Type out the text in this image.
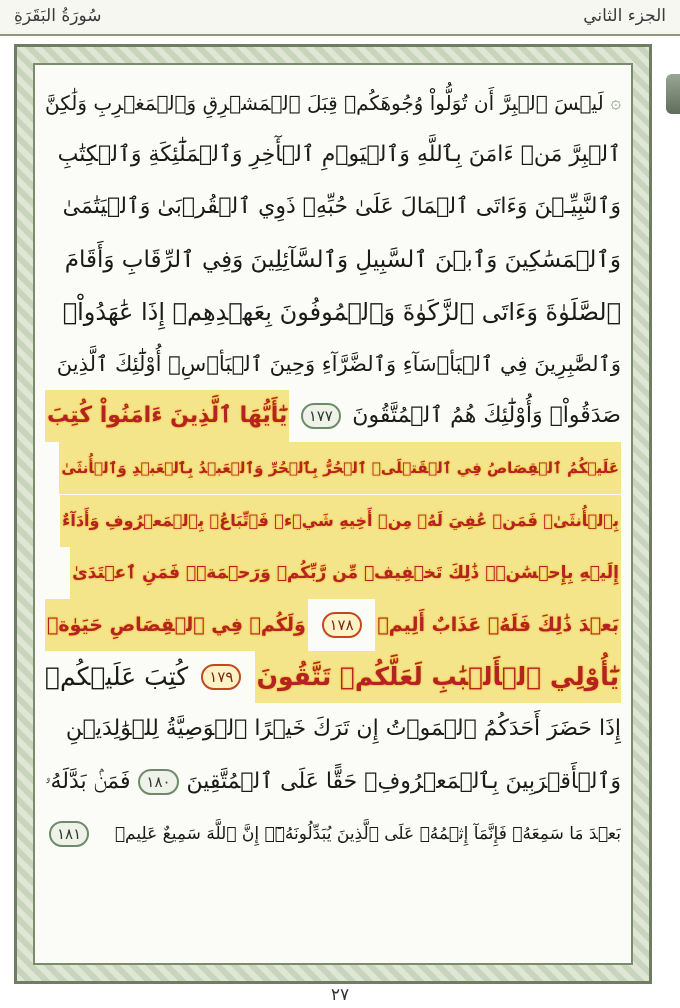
سُورَةُ البَقَرَةِ	الجزء الثاني
۞
لَيۡسَ ٱلۡبِرَّ أَن تُوَلُّواْ وُجُوهَكُمۡ قِبَلَ ٱلۡمَشۡرِقِ وَٱلۡمَغۡرِبِ وَلَٰكِنَّ
ٱلۡبِرَّ مَنۡ ءَامَنَ بِٱللَّهِ وَٱلۡيَوۡمِ ٱلۡأٓخِرِ وَٱلۡمَلَٰٓئِكَةِ وَٱلۡكِتَٰبِ
وَٱلنَّبِيِّـۧنَ وَءَاتَى ٱلۡمَالَ عَلَىٰ حُبِّهِۦ ذَوِي ٱلۡقُرۡبَىٰ وَٱلۡيَتَٰمَىٰ
وَٱلۡمَسَٰكِينَ وَٱبۡنَ ٱلسَّبِيلِ وَٱلسَّآئِلِينَ وَفِي ٱلرِّقَابِ وَأَقَامَ
ٱلصَّلَوٰةَ وَءَاتَى ٱلزَّكَوٰةَ وَٱلۡمُوفُونَ بِعَهۡدِهِمۡ إِذَا عَٰهَدُواْۖ
وَٱلصَّٰبِرِينَ فِي ٱلۡبَأۡسَآءِ وَٱلضَّرَّآءِ وَحِينَ ٱلۡبَأۡسِۗ أُوْلَٰٓئِكَ ٱلَّذِينَ
صَدَقُواْۖ وَأُوْلَٰٓئِكَ هُمُ ٱلۡمُتَّقُونَ
١٧٧
يَٰٓأَيُّهَا ٱلَّذِينَ ءَامَنُواْ كُتِبَ
عَلَيۡكُمُ ٱلۡقِصَاصُ فِي ٱلۡقَتۡلَىۖ ٱلۡحُرُّ بِٱلۡحُرِّ وَٱلۡعَبۡدُ بِٱلۡعَبۡدِ وَٱلۡأُنثَىٰ
بِٱلۡأُنثَىٰۚ فَمَنۡ عُفِيَ لَهُۥ مِنۡ أَخِيهِ شَيۡءٞ فَٱتِّبَاعُۢ بِٱلۡمَعۡرُوفِ وَأَدَآءٌ
إِلَيۡهِ بِإِحۡسَٰنٖۗ ذَٰلِكَ تَخۡفِيفٞ مِّن رَّبِّكُمۡ وَرَحۡمَةٞۗ فَمَنِ ٱعۡتَدَىٰ
بَعۡدَ ذَٰلِكَ فَلَهُۥ عَذَابٌ أَلِيمٞ
١٧٨
وَلَكُمۡ فِي ٱلۡقِصَاصِ حَيَوٰةٞ
يَٰٓأُوْلِي ٱلۡأَلۡبَٰبِ لَعَلَّكُمۡ تَتَّقُونَ
١٧٩
كُتِبَ عَلَيۡكُمۡ
إِذَا حَضَرَ أَحَدَكُمُ ٱلۡمَوۡتُ إِن تَرَكَ خَيۡرًا ٱلۡوَصِيَّةُ لِلۡوَٰلِدَيۡنِ
وَٱلۡأَقۡرَبِينَ بِٱلۡمَعۡرُوفِۖ حَقًّا عَلَى ٱلۡمُتَّقِينَ
١٨٠
فَمَنۢ بَدَّلَهُۥ
بَعۡدَ مَا سَمِعَهُۥ فَإِنَّمَآ إِثۡمُهُۥ عَلَى ٱلَّذِينَ يُبَدِّلُونَهُۥٓۚ إِنَّ ٱللَّهَ سَمِيعٌ عَلِيمٞ
١٨١
٢٧
